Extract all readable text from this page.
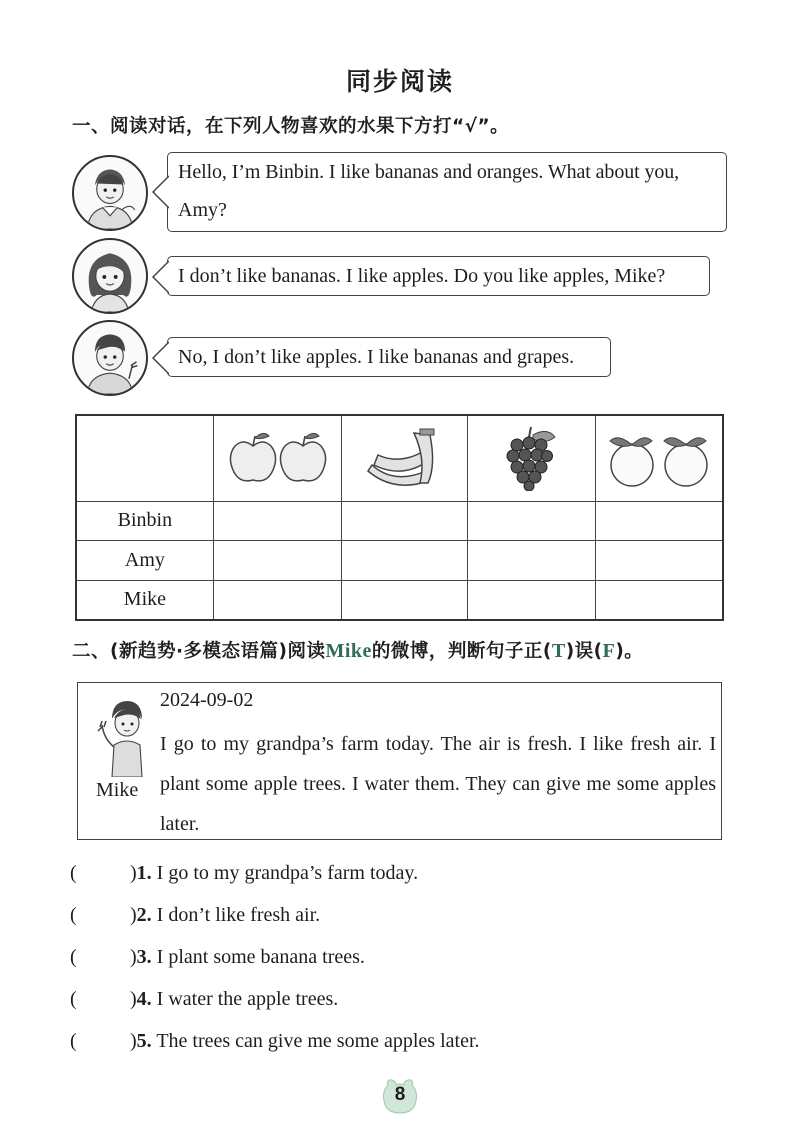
同步阅读
一、阅读对话，在下列人物喜欢的水果下方打“√”。
Hello, I’m Binbin. I like bananas and oranges. What about you,
Amy?
I don’t like bananas. I like apples. Do you like apples, Mike?
No, I don’t like apples. I like bananas and grapes.

Binbin				
Amy				
Mike				
二、(新趋势·多模态语篇)阅读Mike的微博，判断句子正(T)误(F)。
Mike
2024-09-02
I go to my grandpa’s farm today. The air is fresh. I like fresh air. I plant some apple trees. I water them. They can give me some apples later.
(	)1. I go to my grandpa’s farm today.
(	)2. I don’t like fresh air.
(	)3. I plant some banana trees.
(	)4. I water the apple trees.
(	)5. The trees can give me some apples later.
8
